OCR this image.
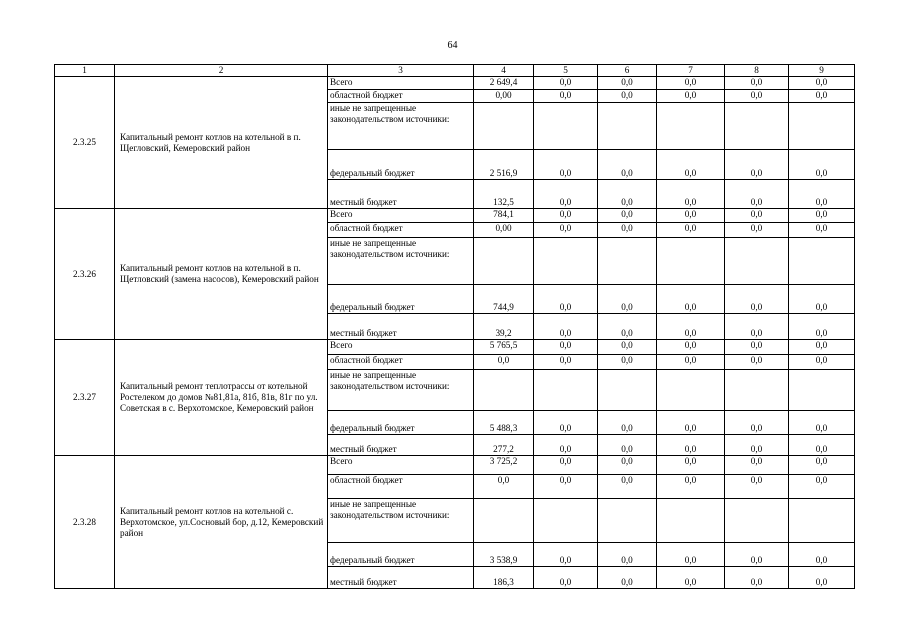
64
1	2	3	4	5	6	7	8	9
2.3.25	Капитальный ремонт котлов на котельной в п. Щегловский, Кемеровский район	Всего	2 649,4	0,0	0,0	0,0	0,0	0,0
		областной бюджет	0,00	0,0	0,0	0,0	0,0	0,0
		иные не запрещенные законодательством источники:						
		федеральный бюджет	2 516,9	0,0	0,0	0,0	0,0	0,0
		местный бюджет	132,5	0,0	0,0	0,0	0,0	0,0
2.3.26	Капитальный ремонт котлов на котельной в п. Щетловский (замена насосов), Кемеровский район	Всего	784,1	0,0	0,0	0,0	0,0	0,0
		областной бюджет	0,00	0,0	0,0	0,0	0,0	0,0
		иные не запрещенные законодательством источники:						
		федеральный бюджет	744,9	0,0	0,0	0,0	0,0	0,0
		местный бюджет	39,2	0,0	0,0	0,0	0,0	0,0
2.3.27	Капитальный ремонт теплотрассы от котельной Ростелеком до домов №81,81а, 81б, 81в, 81г по ул. Советская в с. Верхотомское, Кемеровский район	Всего	5 765,5	0,0	0,0	0,0	0,0	0,0
		областной бюджет	0,0	0,0	0,0	0,0	0,0	0,0
		иные не запрещенные законодательством источники:						
		федеральный бюджет	5 488,3	0,0	0,0	0,0	0,0	0,0
		местный бюджет	277,2	0,0	0,0	0,0	0,0	0,0
2.3.28	Капитальный ремонт котлов на котельной с. Верхотомское, ул.Сосновый бор, д.12, Кемеровский район	Всего	3 725,2	0,0	0,0	0,0	0,0	0,0
		областной бюджет	0,0	0,0	0,0	0,0	0,0	0,0
		иные не запрещенные законодательством источники:						
		федеральный бюджет	3 538,9	0,0	0,0	0,0	0,0	0,0
		местный бюджет	186,3	0,0	0,0	0,0	0,0	0,0
